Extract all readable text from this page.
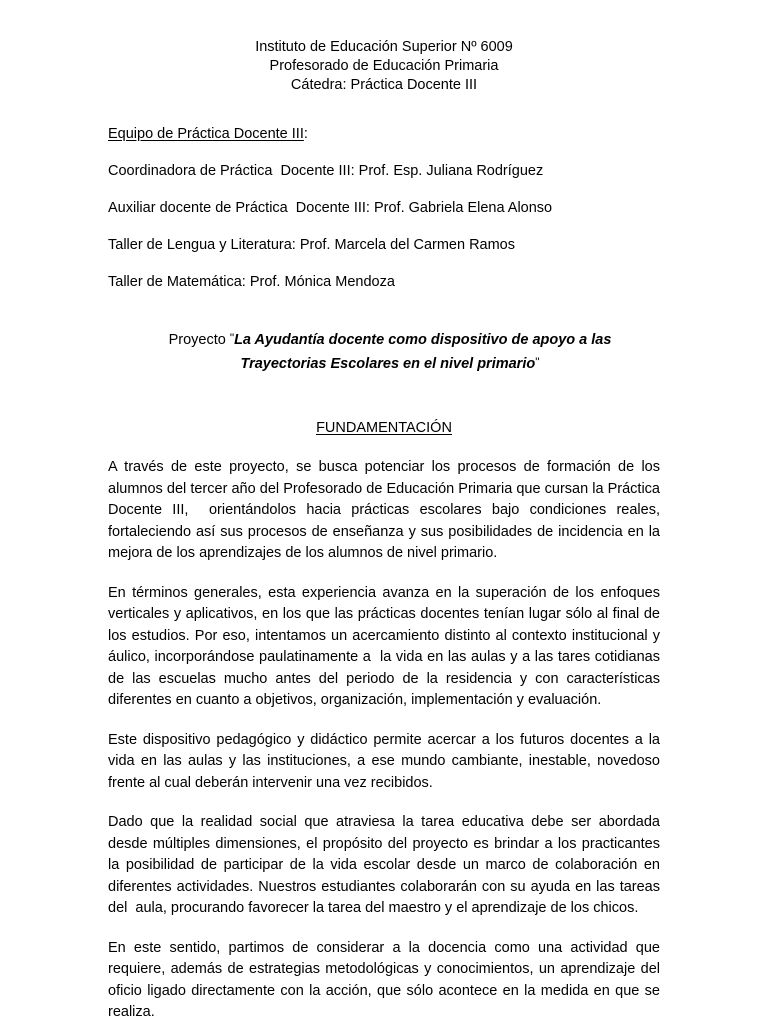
Instituto de Educación Superior Nº 6009
Profesorado de Educación Primaria
Cátedra: Práctica Docente III
Equipo de Práctica Docente III:
Coordinadora de Práctica  Docente III: Prof. Esp. Juliana Rodríguez
Auxiliar docente de Práctica  Docente III: Prof. Gabriela Elena Alonso
Taller de Lengua y Literatura: Prof. Marcela del Carmen Ramos
Taller de Matemática: Prof. Mónica Mendoza
Proyecto "La Ayudantía docente como dispositivo de apoyo a las Trayectorias Escolares en el nivel primario"
FUNDAMENTACIÓN

A través de este proyecto, se busca potenciar los procesos de formación de los alumnos del tercer año del Profesorado de Educación Primaria que cursan la Práctica Docente III,  orientándolos hacia prácticas escolares bajo condiciones reales, fortaleciendo así sus procesos de enseñanza y sus posibilidades de incidencia en la mejora de los aprendizajes de los alumnos de nivel primario.

En términos generales, esta experiencia avanza en la superación de los enfoques verticales y aplicativos, en los que las prácticas docentes tenían lugar sólo al final de los estudios. Por eso, intentamos un acercamiento distinto al contexto institucional y áulico, incorporándose paulatinamente a  la vida en las aulas y a las tares cotidianas de las escuelas mucho antes del periodo de la residencia y con características diferentes en cuanto a objetivos, organización, implementación y evaluación.

Este dispositivo pedagógico y didáctico permite acercar a los futuros docentes a la vida en las aulas y las instituciones, a ese mundo cambiante, inestable, novedoso frente al cual deberán intervenir una vez recibidos.

Dado que la realidad social que atraviesa la tarea educativa debe ser abordada desde múltiples dimensiones, el propósito del proyecto es brindar a los practicantes la posibilidad de participar de la vida escolar desde un marco de colaboración en diferentes actividades. Nuestros estudiantes colaborarán con su ayuda en las tareas del  aula, procurando favorecer la tarea del maestro y el aprendizaje de los chicos.

En este sentido, partimos de considerar a la docencia como una actividad que requiere, además de estrategias metodológicas y conocimientos, un aprendizaje del oficio ligado directamente con la acción, que sólo acontece en la medida en que se realiza.
